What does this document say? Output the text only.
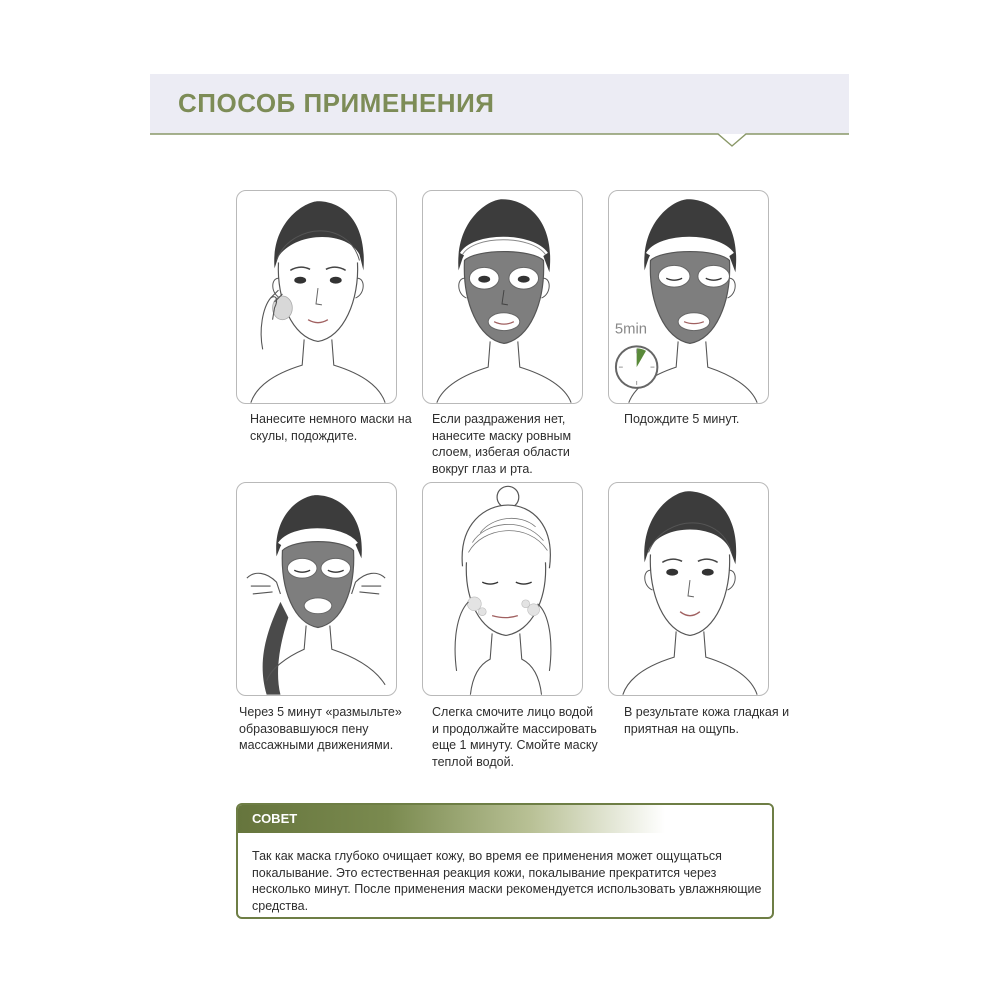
СПОСОБ ПРИМЕНЕНИЯ
Нанесите немного маски на скулы, подождите.
Если раздражения нет, нанесите маску ровным слоем, избегая области вокруг глаз и рта.
5min
Подождите 5 минут.
Через 5 минут «размыльте» образовавшуюся пену массажными движениями.
Слегка смочите лицо водой и продолжайте массировать еще 1 минуту. Смойте маску теплой водой.
В результате кожа гладкая и приятная на ощупь.
СОВЕТ
Так как маска глубоко очищает кожу, во время ее применения может ощущаться покалывание. Это естественная реакция кожи, покалывание прекратится через несколько минут. После применения маски рекомендуется использовать увлажняющие средства.
